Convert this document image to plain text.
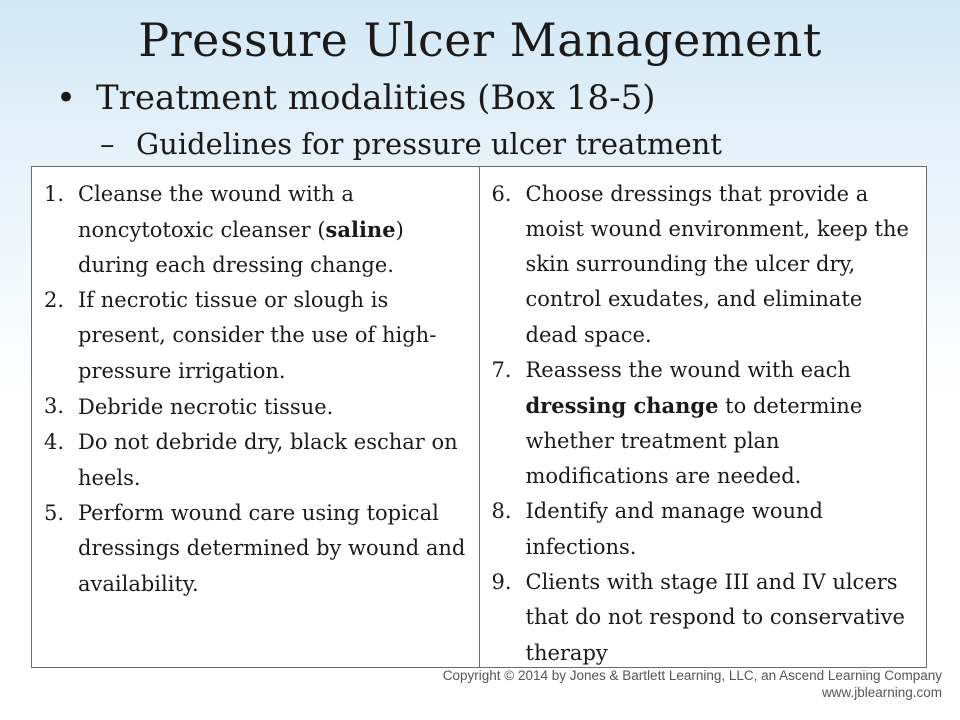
Pressure Ulcer Management
• Treatment modalities (Box 18-5)
– Guidelines for pressure ulcer treatment
1. Cleanse the wound with a noncytotoxic cleanser (saline) during each dressing change.
2. If necrotic tissue or slough is present, consider the use of high-pressure irrigation.
3. Debride necrotic tissue.
4. Do not debride dry, black eschar on heels.
5. Perform wound care using topical dressings determined by wound and availability.
6. Choose dressings that provide a moist wound environment, keep the skin surrounding the ulcer dry, control exudates, and eliminate dead space.
7. Reassess the wound with each dressing change to determine whether treatment plan modifications are needed.
8. Identify and manage wound infections.
9. Clients with stage III and IV ulcers that do not respond to conservative therapy
Copyright © 2014 by Jones & Bartlett Learning, LLC, an Ascend Learning Company
www.jblearning.com
